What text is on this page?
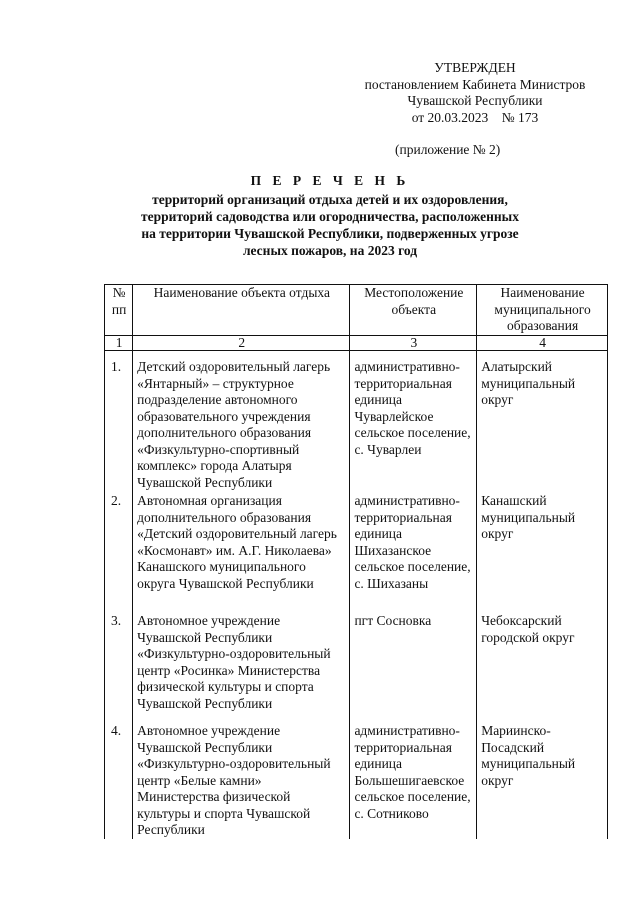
УТВЕРЖДЕН
постановлением Кабинета Министров
Чувашской Республики
от 20.03.2023    № 173
(приложение № 2)
П Е Р Е Ч Е Н Ь
территорий организаций отдыха детей и их оздоровления,
территорий садоводства или огородничества, расположенных
на территории Чувашской Республики, подверженных угрозе
лесных пожаров, на 2023 год
№ пп	Наименование объекта отдыха	Местоположение объекта	Наименование муниципального образования
1	2	3	4
1.	Детский оздоровительный лагерь «Янтарный» – структурное подразделение автономного образовательного учреждения дополнительного образования «Физкультурно-спортивный комплекс» города Алатыря Чувашской Республики	административно-территориальная единица Чуварлейское сельское поселение, с. Чуварлеи	Алатырский муниципальный округ
2.	Автономная организация дополнительного образования «Детский оздоровительный лагерь «Космонавт» им. А.Г. Николаева» Канашского муниципального округа Чувашской Республики	административно-территориальная единица Шихазанское сельское поселение, с. Шихазаны	Канашский муниципальный округ
3.	Автономное учреждение Чувашской Республики «Физкультурно-оздоровительный центр «Росинка» Министерства физической культуры и спорта Чувашской Республики	пгт Сосновка	Чебоксарский городской округ
4.	Автономное учреждение Чувашской Республики «Физкультурно-оздоровительный центр «Белые камни» Министерства физической культуры и спорта Чувашской Республики	административно-территориальная единица Большешигаевское сельское поселение, с. Сотниково	Мариинско-Посадский муниципальный округ
